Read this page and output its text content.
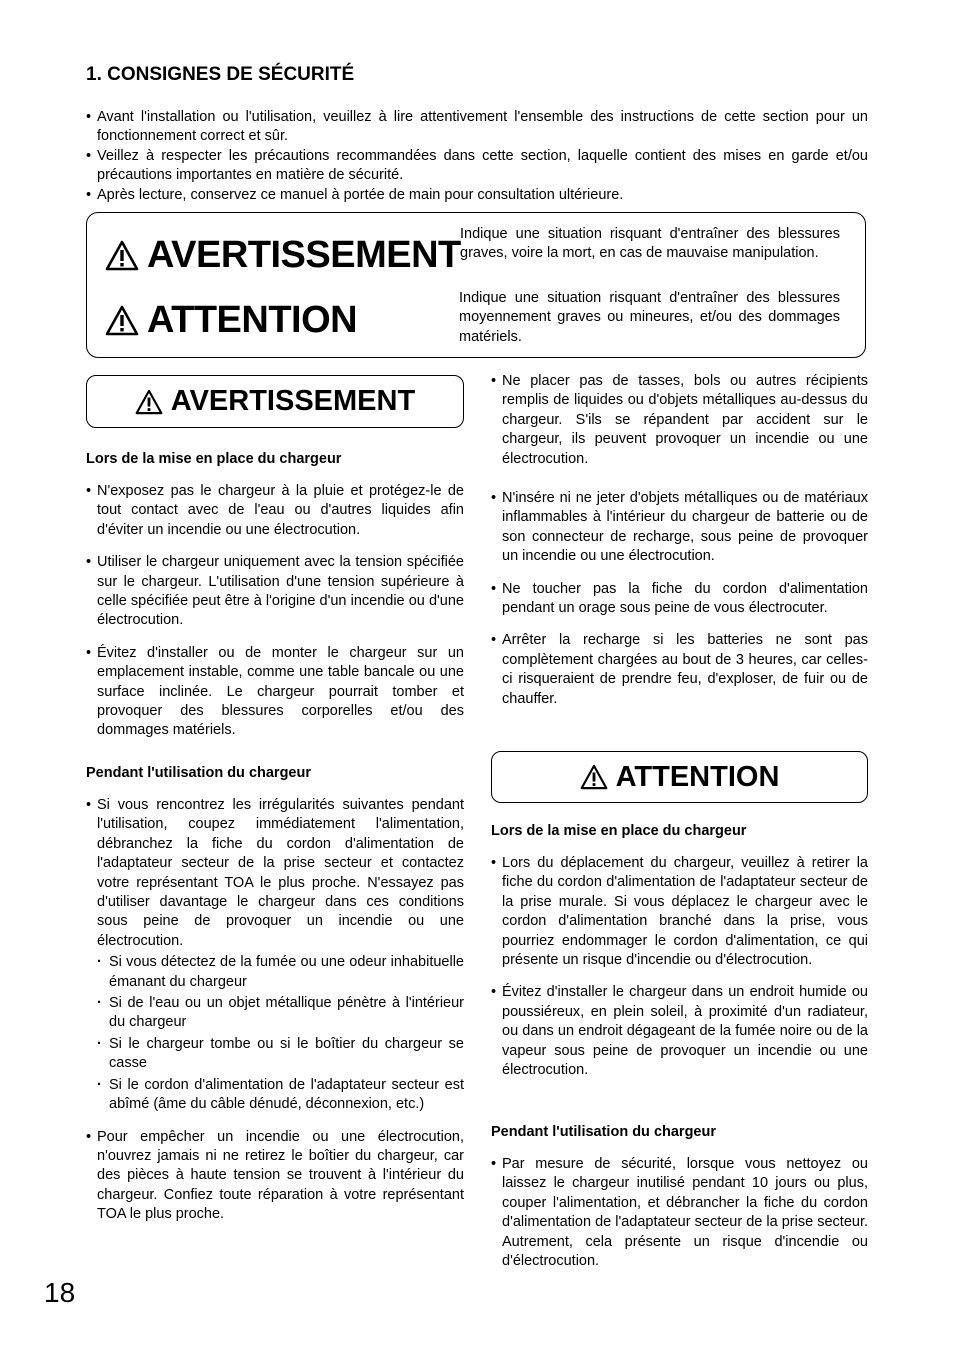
1. CONSIGNES DE SÉCURITÉ
• Avant l'installation ou l'utilisation, veuillez à lire attentivement l'ensemble des instructions de cette section pour un fonctionnement correct et sûr.
• Veillez à respecter les précautions recommandées dans cette section, laquelle contient des mises en garde et/ou précautions importantes en matière de sécurité.
• Après lecture, conservez ce manuel à portée de main pour consultation ultérieure.
AVERTISSEMENT
ATTENTION
Indique une situation risquant d'entraîner des blessures graves, voire la mort, en cas de mauvaise manipulation.
Indique une situation risquant d'entraîner des blessures moyennement graves ou mineures, et/ou des dommages matériels.
AVERTISSEMENT
Lors de la mise en place du chargeur
• N'exposez pas le chargeur à la pluie et protégez-le de tout contact avec de l'eau ou d'autres liquides afin d'éviter un incendie ou une électrocution.
• Utiliser le chargeur uniquement avec la tension spécifiée sur le chargeur. L'utilisation d'une tension supérieure à celle spécifiée peut être à l'origine d'un incendie ou d'une électrocution.
• Évitez d'installer ou de monter le chargeur sur un emplacement instable, comme une table bancale ou une surface inclinée. Le chargeur pourrait tomber et provoquer des blessures corporelles et/ou des dommages matériels.
Pendant l'utilisation du chargeur
• Si vous rencontrez les irrégularités suivantes pendant l'utilisation, coupez immédiatement l'alimentation, débranchez la fiche du cordon d'alimentation de l'adaptateur secteur de la prise secteur et contactez votre représentant TOA le plus proche. N'essayez pas d'utiliser davantage le chargeur dans ces conditions sous peine de provoquer un incendie ou une électrocution.
· Si vous détectez de la fumée ou une odeur inhabituelle émanant du chargeur
· Si de l'eau ou un objet métallique pénètre à l'intérieur du chargeur
· Si le chargeur tombe ou si le boîtier du chargeur se casse
· Si le cordon d'alimentation de l'adaptateur secteur est abîmé (âme du câble dénudé, déconnexion, etc.)
• Pour empêcher un incendie ou une électrocution, n'ouvrez jamais ni ne retirez le boîtier du chargeur, car des pièces à haute tension se trouvent à l'intérieur du chargeur. Confiez toute réparation à votre représentant TOA le plus proche.
• Ne placer pas de tasses, bols ou autres récipients remplis de liquides ou d'objets métalliques au-dessus du chargeur. S'ils se répandent par accident sur le chargeur, ils peuvent provoquer un incendie ou une électrocution.
• N'insére ni ne jeter d'objets métalliques ou de matériaux inflammables à l'intérieur du chargeur de batterie ou de son connecteur de recharge, sous peine de provoquer un incendie ou une électrocution.
• Ne toucher pas la fiche du cordon d'alimentation pendant un orage sous peine de vous électrocuter.
• Arrêter la recharge si les batteries ne sont pas complètement chargées au bout de 3 heures, car celles-ci risqueraient de prendre feu, d'exploser, de fuir ou de chauffer.
ATTENTION
Lors de la mise en place du chargeur
• Lors du déplacement du chargeur, veuillez à retirer la fiche du cordon d'alimentation de l'adaptateur secteur de la prise murale. Si vous déplacez le chargeur avec le cordon d'alimentation branché dans la prise, vous pourriez endommager le cordon d'alimentation, ce qui présente un risque d'incendie ou d'électrocution.
• Évitez d'installer le chargeur dans un endroit humide ou poussiéreux, en plein soleil, à proximité d'un radiateur, ou dans un endroit dégageant de la fumée noire ou de la vapeur sous peine de provoquer un incendie ou une électrocution.
Pendant l'utilisation du chargeur
• Par mesure de sécurité, lorsque vous nettoyez ou laissez le chargeur inutilisé pendant 10 jours ou plus, couper l'alimentation, et débrancher la fiche du cordon d'alimentation de l'adaptateur secteur de la prise secteur. Autrement, cela présente un risque d'incendie ou d'électrocution.
18
